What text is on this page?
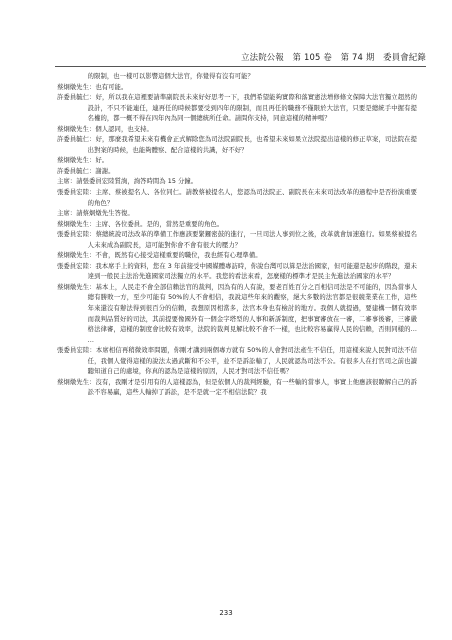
立法院公報 第 105 卷 第 74 期 委員會紀錄

的限制，也一樣可以影響這個大法官，你覺得有沒有可能？

蔡炯燉先生：也有可能。

許委員毓仁：好，所以我在這裡要請準副院長未來好好思考一下，我們希望能夠實際和落實憲法增修條文保障大法官獨立超然的設計，不只不能連任，連再任的時候都要受到四年的限制，而且再任的職務不僅限於大法官，只要是總統手中握有提名權的，都一概不得在四年內為同一個總統所任命。請問你支持，同意這樣的精神嗎？

蔡炯燉先生：個人認同，也支持。

許委員毓仁：好，那麼我希望未來有機會正式解除您為司法院副院長，也希望未來如果立法院提出這樣的修正草案，司法院在提出對案的時候，也能夠體察、配合這樣的共識，好不好？

蔡炯燉先生：好。

許委員毓仁：謝謝。

主席：請張委員宏陸質詢，詢答時間為 15 分鐘。

張委員宏陸：主席、蔡被提名人、各位同仁。請教蔡被提名人，您認為司法院正、副院長在未來司法改革的過程中是否扮演重要的角色？

主席：請蔡炯燉先生答復。

蔡炯燉先生：主席、各位委員。是的，當然是重要的角色。

張委員宏陸：蔡總統說司法改革的準備工作應該要緊鑼密鼓的進行，一旦司法人事到位之後，改革就會加速進行。如果蔡被提名人未來成為副院長，這可能對你會不會有很大的壓力？

蔡炯燉先生：不會，既然有心接受這樣重要的職位，我也經有心理準備。

張委員宏陸：我本席手上的資料，您在 3 年前接受中國媒體專訪時，你說台灣可以算是法治國家，但可能還是起步的階段，還未達到一般民主法治先進國家司法獨立的水平。我您的看法來看，怎麼樣的標準才是民主先進法治國家的水平？

蔡炯燉先生：基本上，人民走不會全部信賴法官的裁判，因為有的人有說，要老百姓百分之百相信司法是不可能的，因為當事人總有勝敗一方，至少可能有 50%的人不會相信，我說這些年來的觀察，絕大多數的法官都是很競業業在工作，這些年來還沒有辦法得到很百分的信賴，我想原因相當多，法官本身也有檢討的地方。我個人就提過，要建構一個有效率而裁判品質好的司法，其前提要像國外有一個金字塔型的人事和新訴制度，把事實審放在一審，二審事後審，三審嚴格法律審，這樣的制度會比較有效率，法院的裁判見解比較不會不一樣，也比較容易贏得人民的信賴，否則同樣的……

張委員宏陸：本席相信再稍微效率問題，你剛才講到兩個專方就有 50%的人會對司法產生不信任，用這樣來說人民對司法不信任，我個人覺得這樣的說法太過武斷和不公平，並不是訴訟輸了，人民就認為司法不公。有很多人在打官司之前也讀聽知道自己的處境，你真的認為是這樣的原因，人民才對司法不信任嗎？

蔡炯燉先生：沒有，我剛才是引用有的人這樣認為，但是依個人的裁判經驗，有一些輸的當事人，事實上他應該很瞭解自己的訴訟不容易贏，這些人輸掉了訴訟，是不是就一定不相信法院？我

233
